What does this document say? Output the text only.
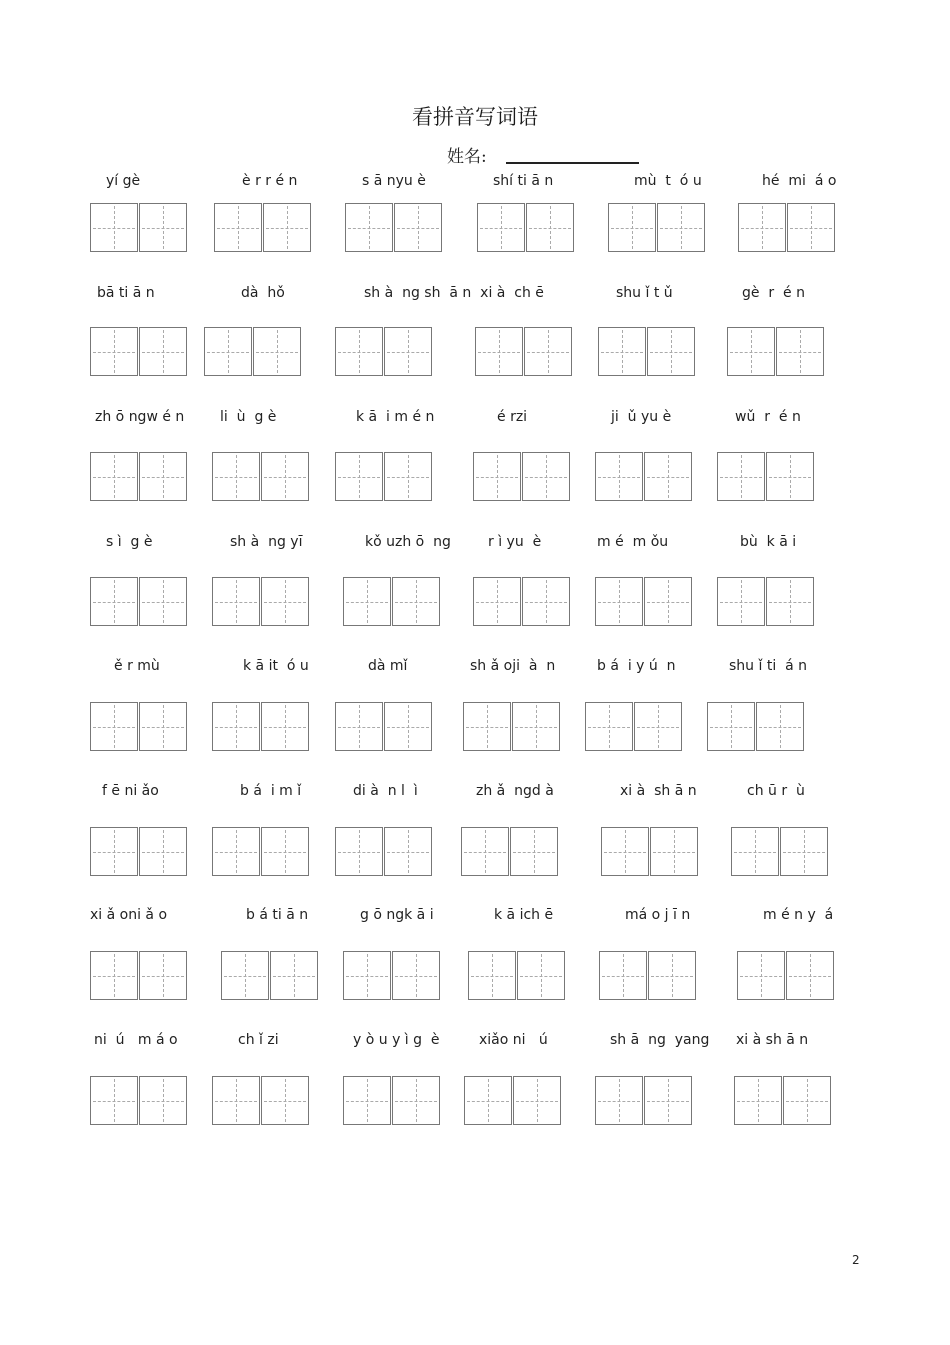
看拼音写词语
姓名:
yí gè	è r r é n	s ā nyu è	shí ti ā n	mù  t  ó u	hé  mi  á o
bā ti ā n	dà  hǒ	sh à  ng sh  ā n  xi à  ch ē	shu ǐ t ǔ	gè  r  é n
zh ō ngw é n	li  ù  g è	k ā  i m é n	é rzi	ji  ǔ yu è	wǔ  r  é n
s ì  g è	sh à  ng yī	kǒ uzh ō  ng	r ì yu  è	m é  m ǒu	bù  k ā i
ě r mù	k ā it  ó u	dà mǐ	sh ǎ oji  à  n	b á  i y ú  n	shu ǐ ti  á n
f ē ni ǎo	b á  i m ǐ	di à  n l  ì	zh ǎ  ngd à	xi à  sh ā n	ch ū r  ù
xi ǎ oni ǎ o	b á ti ā n	g ō ngk ā i	k ā ich ē	má o j ī n	m é n y  á
ni  ú   m á o	ch ǐ zi	y ò u y ì g  è	xiǎo ni   ú	sh ā  ng  yang xi à sh ā n
2
